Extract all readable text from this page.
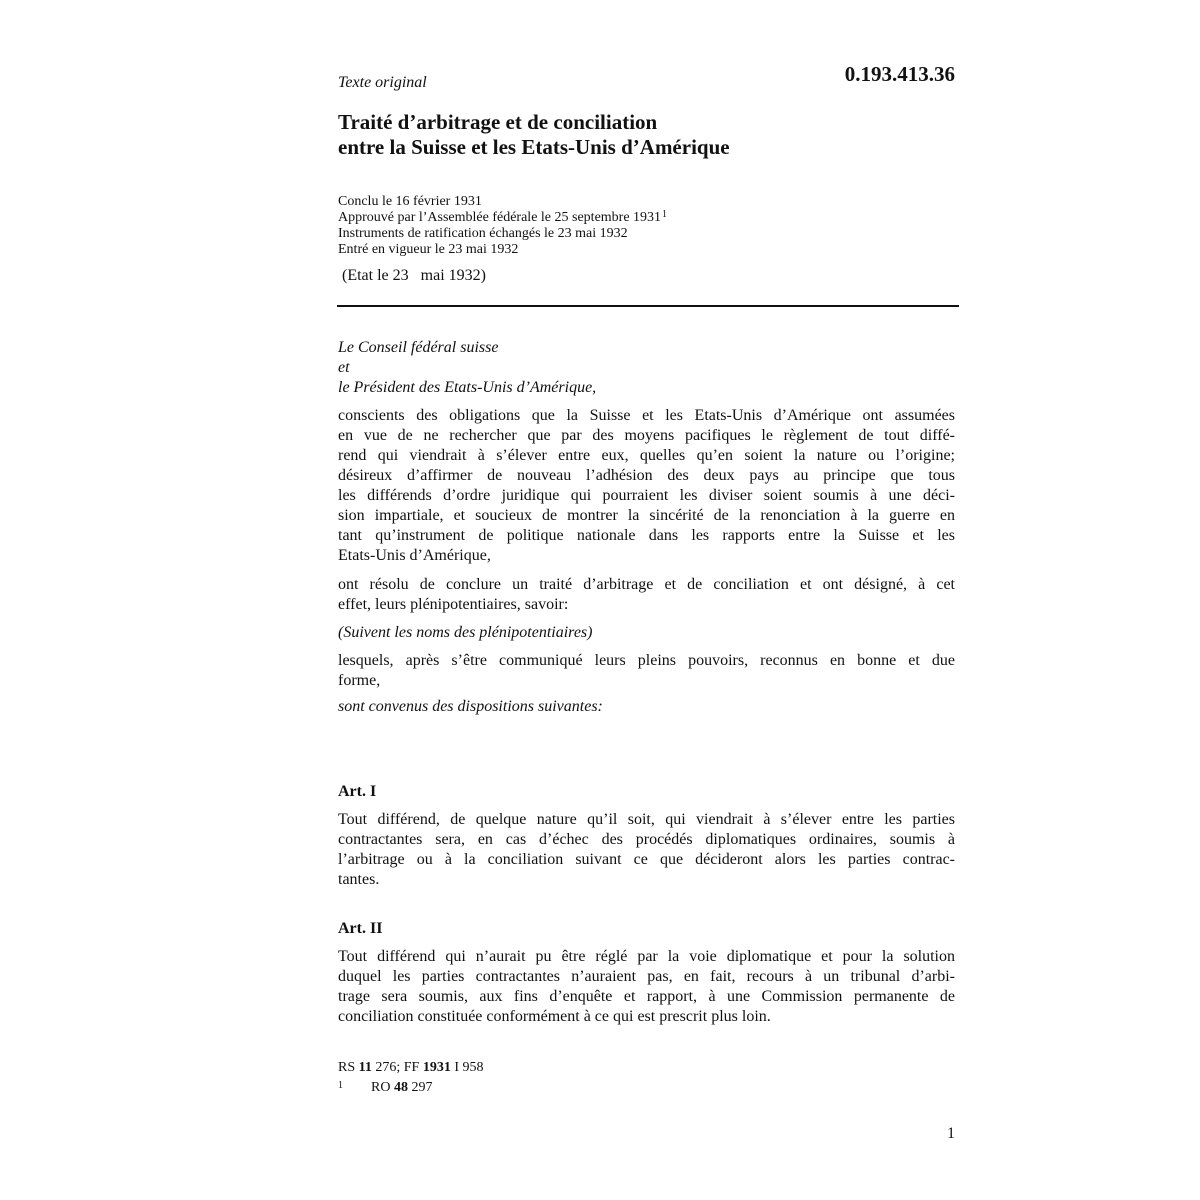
Texte original	0.193.413.36
Traité d’arbitrage et de conciliation
entre la Suisse et les Etats-Unis d’Amérique
Conclu le 16 février 1931
Approuvé par l’Assemblée fédérale le 25 septembre 1931$^1$
Instruments de ratification échangés le 23 mai 1932
Entré en vigueur le 23 mai 1932
(Etat le 23   mai 1932)
Le Conseil fédéral suisse
et
le Président des Etats-Unis d’Amérique,
conscients des obligations que la Suisse et les Etats-Unis d’Amérique ont assumées
en vue de ne rechercher que par des moyens pacifiques le règlement de tout diffé-
rend qui viendrait à s’élever entre eux, quelles qu’en soient la nature ou l’origine;
désireux d’affirmer de nouveau l’adhésion des deux pays au principe que tous
les différends d’ordre juridique qui pourraient les diviser soient soumis à une déci-
sion impartiale, et soucieux de montrer la sincérité de la renonciation à la guerre en
tant qu’instrument de politique nationale dans les rapports entre la Suisse et les
Etats-Unis d’Amérique,
ont résolu de conclure un traité d’arbitrage et de conciliation et ont désigné, à cet
effet, leurs plénipotentiaires, savoir:
(Suivent les noms des plénipotentiaires)
lesquels, après s’être communiqué leurs pleins pouvoirs, reconnus en bonne et due
forme,
sont convenus des dispositions suivantes:
Art. I
Tout différend, de quelque nature qu’il soit, qui viendrait à s’élever entre les parties
contractantes sera, en cas d’échec des procédés diplomatiques ordinaires, soumis à
l’arbitrage ou à la conciliation suivant ce que décideront alors les parties contrac-
tantes.
Art. II
Tout différend qui n’aurait pu être réglé par la voie diplomatique et pour la solution
duquel les parties contractantes n’auraient pas, en fait, recours à un tribunal d’arbi-
trage sera soumis, aux fins d’enquête et rapport, à une Commission permanente de
conciliation constituée conformément à ce qui est prescrit plus loin.
RS 11 276; FF 1931 I 958
1 RO 48 297
1
